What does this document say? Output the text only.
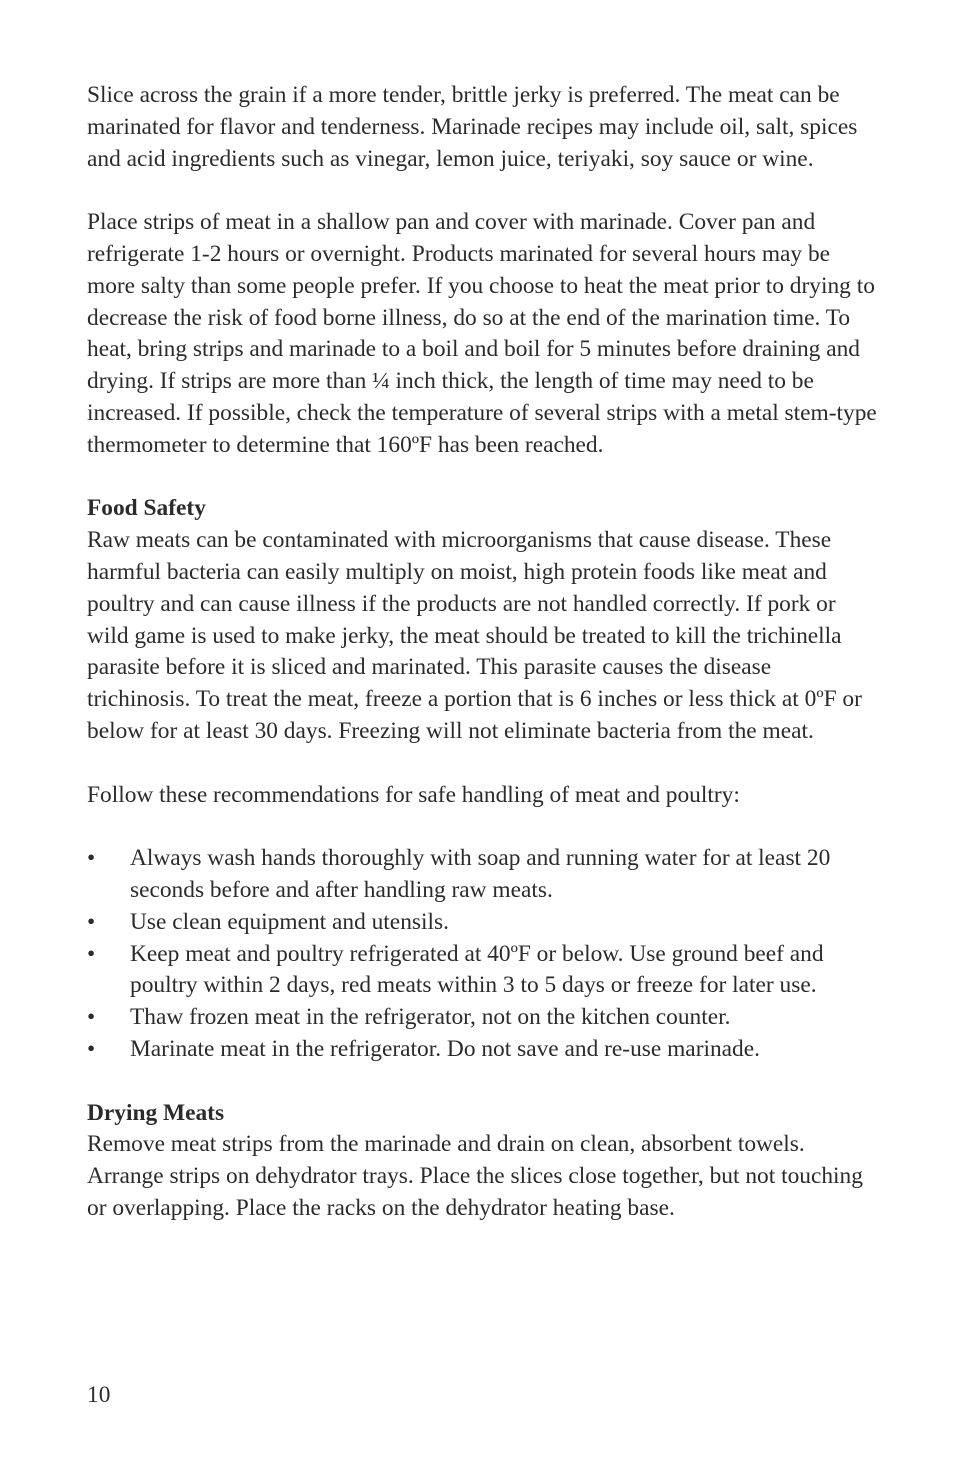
Slice across the grain if a more tender, brittle jerky is preferred. The meat can be marinated for flavor and tenderness. Marinade recipes may include oil, salt, spices and acid ingredients such as vinegar, lemon juice, teriyaki, soy sauce or wine.

Place strips of meat in a shallow pan and cover with marinade. Cover pan and refrigerate 1-2 hours or overnight. Products marinated for several hours may be more salty than some people prefer. If you choose to heat the meat prior to drying to decrease the risk of food borne illness, do so at the end of the marination time. To heat, bring strips and marinade to a boil and boil for 5 minutes before draining and drying. If strips are more than ¼ inch thick, the length of time may need to be increased. If possible, check the temperature of several strips with a metal stem-type thermometer to determine that 160ºF has been reached.

Food Safety

Raw meats can be contaminated with microorganisms that cause disease. These harmful bacteria can easily multiply on moist, high protein foods like meat and poultry and can cause illness if the products are not handled correctly. If pork or wild game is used to make jerky, the meat should be treated to kill the trichinella parasite before it is sliced and marinated. This parasite causes the disease trichinosis. To treat the meat, freeze a portion that is 6 inches or less thick at 0ºF or below for at least 30 days. Freezing will not eliminate bacteria from the meat.

Follow these recommendations for safe handling of meat and poultry:

• Always wash hands thoroughly with soap and running water for at least 20 seconds before and after handling raw meats.
• Use clean equipment and utensils.
• Keep meat and poultry refrigerated at 40ºF or below. Use ground beef and poultry within 2 days, red meats within 3 to 5 days or freeze for later use.
• Thaw frozen meat in the refrigerator, not on the kitchen counter.
• Marinate meat in the refrigerator. Do not save and re-use marinade.
Drying Meats

Remove meat strips from the marinade and drain on clean, absorbent towels. Arrange strips on dehydrator trays. Place the slices close together, but not touching or overlapping. Place the racks on the dehydrator heating base.

10
